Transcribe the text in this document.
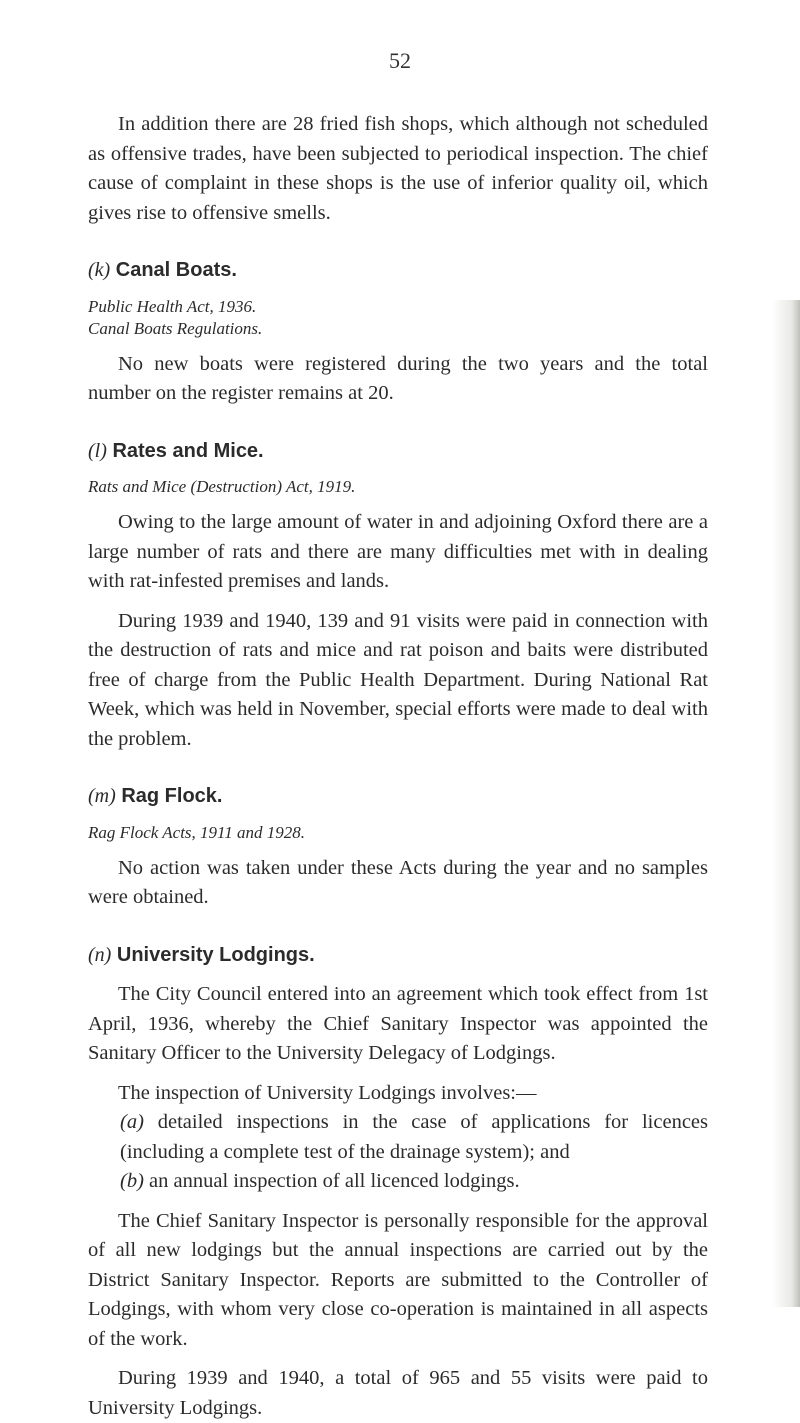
52

In addition there are 28 fried fish shops, which although not scheduled as offensive trades, have been subjected to periodical inspection. The chief cause of complaint in these shops is the use of inferior quality oil, which gives rise to offensive smells.

(k) Canal Boats.

Public Health Act, 1936.

Canal Boats Regulations.

No new boats were registered during the two years and the total number on the register remains at 20.

(l) Rates and Mice.

Rats and Mice (Destruction) Act, 1919.

Owing to the large amount of water in and adjoining Oxford there are a large number of rats and there are many difficulties met with in dealing with rat-infested premises and lands.

During 1939 and 1940, 139 and 91 visits were paid in connection with the destruction of rats and mice and rat poison and baits were distributed free of charge from the Public Health Department. During National Rat Week, which was held in November, special efforts were made to deal with the problem.

(m) Rag Flock.

Rag Flock Acts, 1911 and 1928.

No action was taken under these Acts during the year and no samples were obtained.

(n) University Lodgings.

The City Council entered into an agreement which took effect from 1st April, 1936, whereby the Chief Sanitary Inspector was appointed the Sanitary Officer to the University Delegacy of Lodgings.

The inspection of University Lodgings involves:—

(a) detailed inspections in the case of applications for licences (including a complete test of the drainage system); and
(b) an annual inspection of all licenced lodgings.

The Chief Sanitary Inspector is personally responsible for the approval of all new lodgings but the annual inspections are carried out by the District Sanitary Inspector. Reports are submitted to the Controller of Lodgings, with whom very close co-operation is maintained in all aspects of the work.

During 1939 and 1940, a total of 965 and 55 visits were paid to University Lodgings.
